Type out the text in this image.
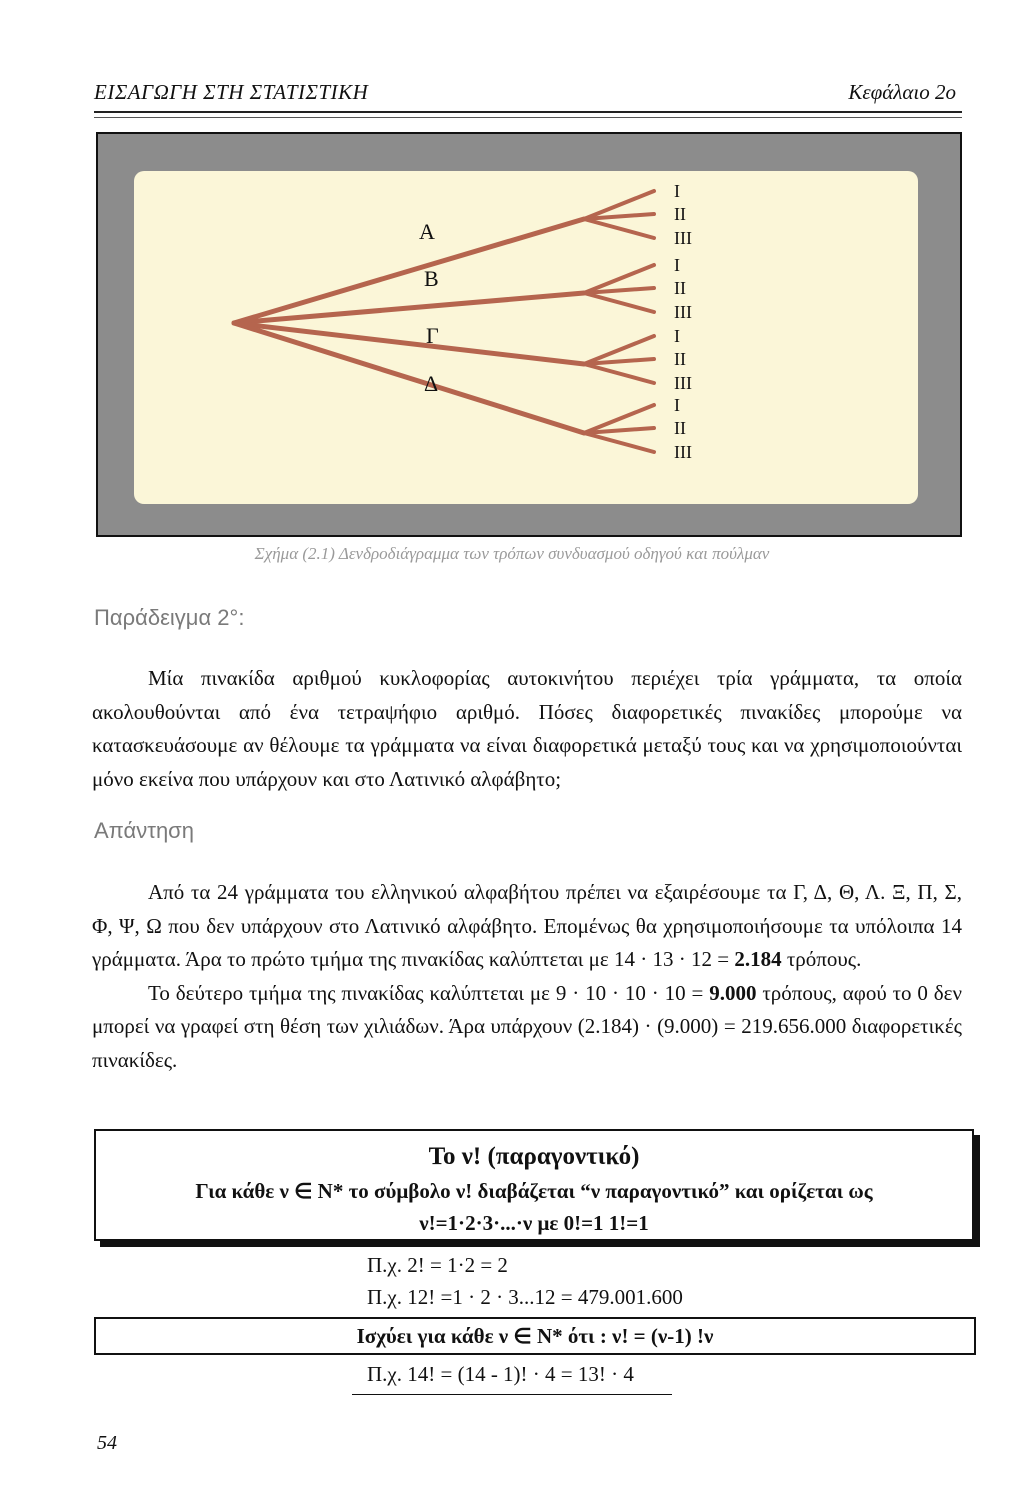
ΕΙΣΑΓΩΓΗ ΣΤΗ ΣΤΑΤΙΣΤΙΚΗ	Κεφάλαιο 2ο
Ι
ΙΙ
ΙΙΙ
Α
Ι
ΙΙ
ΙΙΙ
Β
Ι
ΙΙ
ΙΙΙ
Γ
Ι
ΙΙ
ΙΙΙ
Δ
Σχήμα (2.1) Δενδροδιάγραμμα των τρόπων συνδυασμού οδηγού και πούλμαν
Παράδειγμα 2°:
Μία πινακίδα αριθμού κυκλοφορίας αυτοκινήτου περιέχει τρία γράμματα, τα οποία ακολουθούνται από ένα τετραψήφιο αριθμό. Πόσες διαφορετικές πινακίδες μπορούμε να κατασκευάσουμε αν θέλουμε τα γράμματα να είναι διαφορετικά μεταξύ τους και να χρησιμοποιούνται μόνο εκείνα που υπάρχουν και στο Λατινικό αλφάβητο;
Απάντηση
Από τα 24 γράμματα του ελληνικού αλφαβήτου πρέπει να εξαιρέσουμε τα Γ, Δ, Θ, Λ. Ξ, Π, Σ, Φ, Ψ, Ω που δεν υπάρχουν στο Λατινικό αλφάβητο. Επομένως θα χρησιμοποιήσουμε τα υπόλοιπα 14 γράμματα. Άρα το πρώτο τμήμα της πινακίδας καλύπτεται με 14 · 13 · 12 = 2.184 τρόπους.
Το δεύτερο τμήμα της πινακίδας καλύπτεται με 9 · 10 · 10 · 10 = 9.000 τρόπους, αφού το 0 δεν μπορεί να γραφεί στη θέση των χιλιάδων. Άρα υπάρχουν (2.184) · (9.000) = 219.656.000 διαφορετικές πινακίδες.
Το ν! (παραγοντικό)
Για κάθε ν ∈ Ν* το σύμβολο ν! διαβάζεται “ν παραγοντικό” και ορίζεται ως
ν!=1·2·3·...·ν με 0!=1 1!=1
Π.χ. 2! = 1·2 = 2
Π.χ. 12! =1 · 2 · 3...12 = 479.001.600
Ισχύει για κάθε ν ∈ Ν* ότι : ν! = (ν-1) !ν
Π.χ. 14! = (14 - 1)! · 4 = 13! · 4
54
